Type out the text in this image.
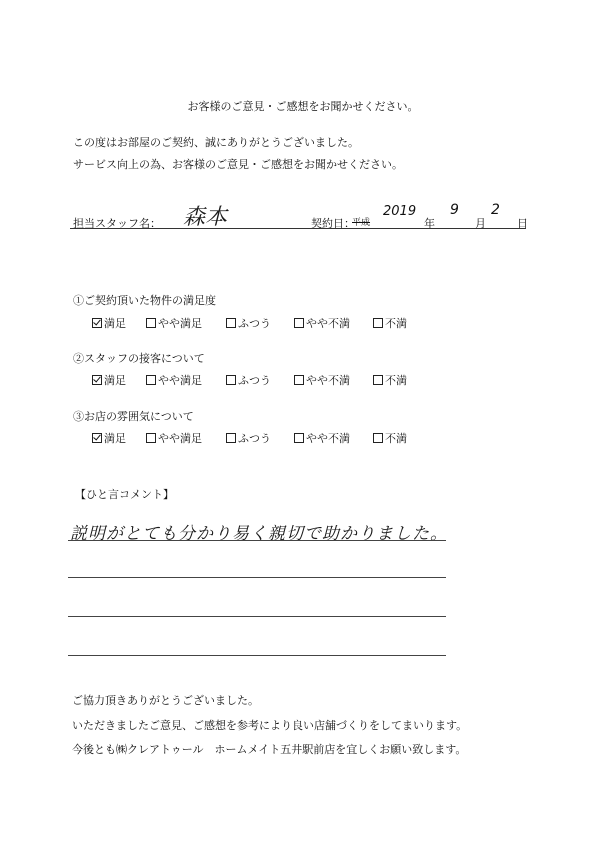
お客様のご意見・ご感想をお聞かせください。
この度はお部屋のご契約、誠にありがとうございました。
サービス向上の為、お客様のご意見・ご感想をお聞かせください。
担当スタッフ名： 森本	契約日：
平成
2019
年
9
月
2
日
①ご契約頂いた物件の満足度
満足	やや満足	ふつう	やや不満	不満
②スタッフの接客について
満足	やや満足	ふつう	やや不満	不満
③お店の雰囲気について
満足	やや満足	ふつう	やや不満	不満
【ひと言コメント】
説明がとても分かり易く親切で助かりました。
ご協力頂きありがとうございました。
いただきましたご意見、ご感想を参考により良い店舗づくりをしてまいります。
今後とも㈱クレアトゥール　ホームメイト五井駅前店を宜しくお願い致します。
